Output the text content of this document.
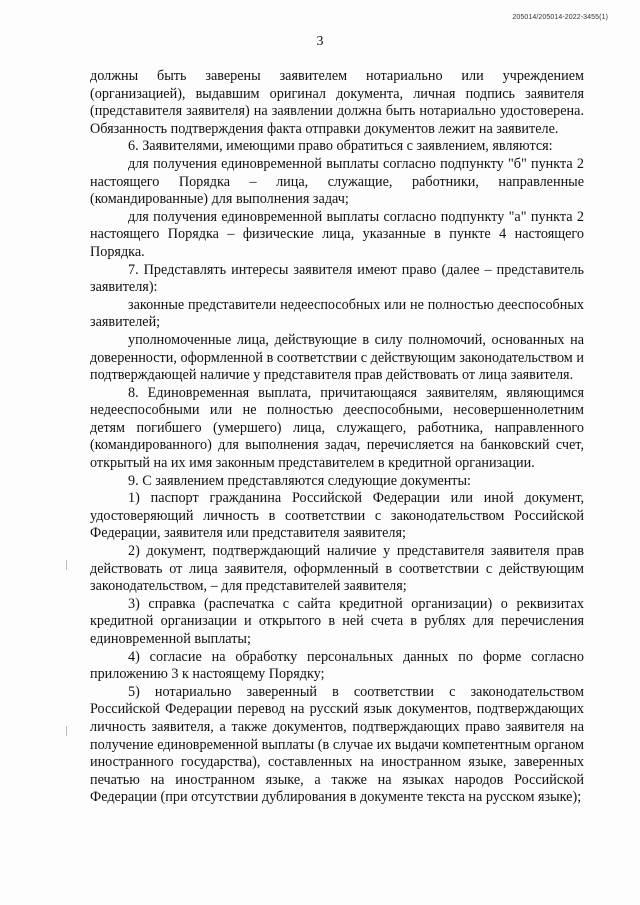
205014/205014-2022-3455(1)
3

должны быть заверены заявителем нотариально или учреждением (организацией), выдавшим оригинал документа, личная подпись заявителя (представителя заявителя) на заявлении должна быть нотариально удостоверена. Обязанность подтверждения факта отправки документов лежит на заявителе.

6. Заявителями, имеющими право обратиться с заявлением, являются:

для получения единовременной выплаты согласно подпункту "б" пункта 2 настоящего Порядка – лица, служащие, работники, направленные (командированные) для выполнения задач;

для получения единовременной выплаты согласно подпункту "а" пункта 2 настоящего Порядка – физические лица, указанные в пункте 4 настоящего Порядка.

7. Представлять интересы заявителя имеют право (далее – представитель заявителя):

законные представители недееспособных или не полностью дееспособных заявителей;

уполномоченные лица, действующие в силу полномочий, основанных на доверенности, оформленной в соответствии с действующим законодательством и подтверждающей наличие у представителя прав действовать от лица заявителя.

8. Единовременная выплата, причитающаяся заявителям, являющимся недееспособными или не полностью дееспособными, несовершеннолетним детям погибшего (умершего) лица, служащего, работника, направленного (командированного) для выполнения задач, перечисляется на банковский счет, открытый на их имя законным представителем в кредитной организации.

9. С заявлением представляются следующие документы:

1) паспорт гражданина Российской Федерации или иной документ, удостоверяющий личность в соответствии с законодательством Российской Федерации, заявителя или представителя заявителя;

2) документ, подтверждающий наличие у представителя заявителя прав действовать от лица заявителя, оформленный в соответствии с действующим законодательством, – для представителей заявителя;

3) справка (распечатка с сайта кредитной организации) о реквизитах кредитной организации и открытого в ней счета в рублях для перечисления единовременной выплаты;

4) согласие на обработку персональных данных по форме согласно приложению 3 к настоящему Порядку;

5) нотариально заверенный в соответствии с законодательством Российской Федерации перевод на русский язык документов, подтверждающих личность заявителя, а также документов, подтверждающих право заявителя на получение единовременной выплаты (в случае их выдачи компетентным органом иностранного государства), составленных на иностранном языке, заверенных печатью на иностранном языке, а также на языках народов Российской Федерации (при отсутствии дублирования в документе текста на русском языке);
